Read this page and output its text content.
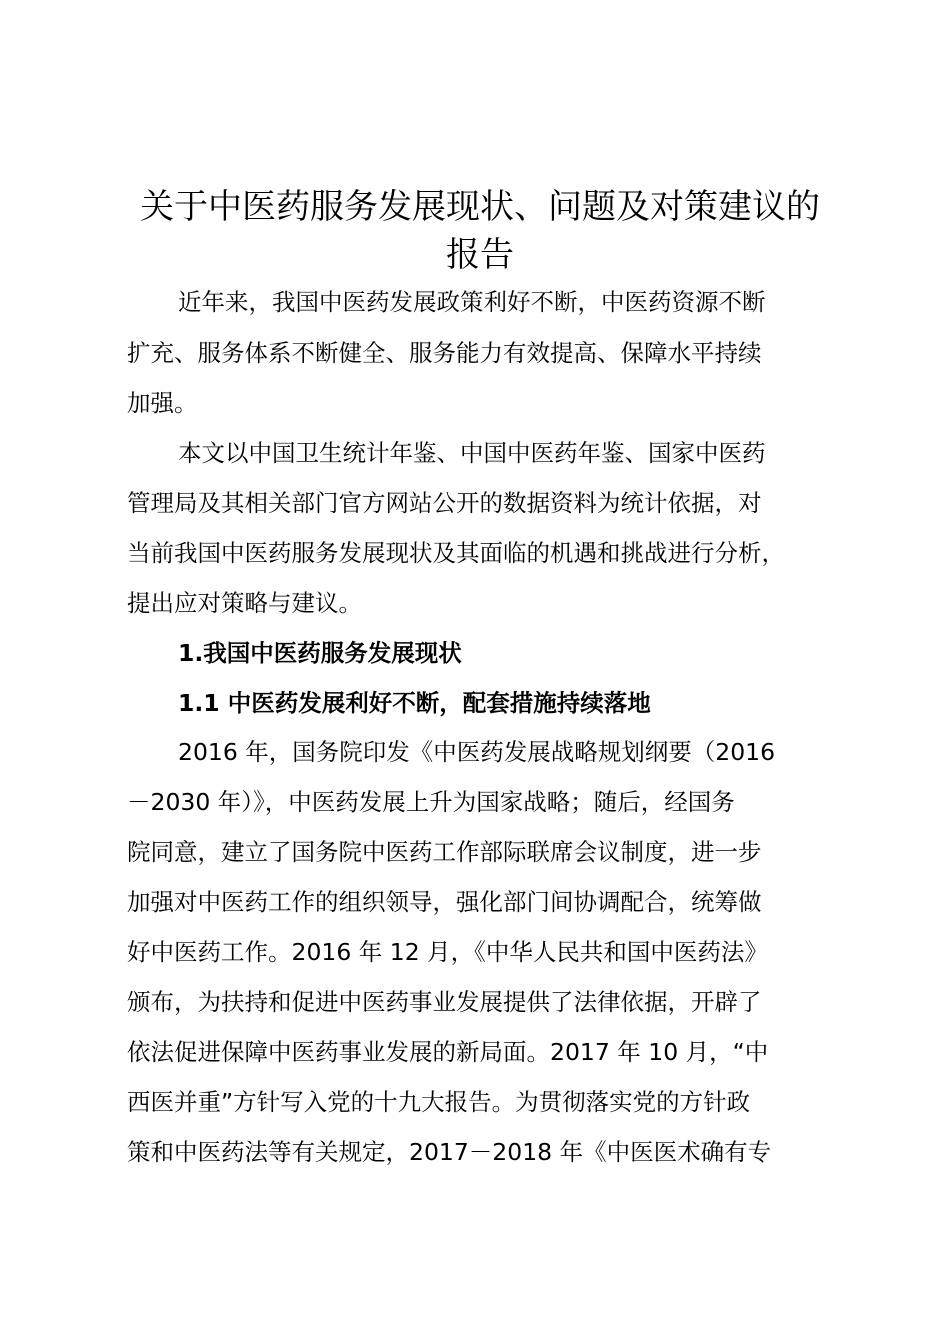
关于中医药服务发展现状、问题及对策建议的
报告

近年来，我国中医药发展政策利好不断，中医药资源不断

扩充、服务体系不断健全、服务能力有效提高、保障水平持续

加强。

本文以中国卫生统计年鉴、中国中医药年鉴、国家中医药

管理局及其相关部门官方网站公开的数据资料为统计依据，对

当前我国中医药服务发展现状及其面临的机遇和挑战进行分析，

提出应对策略与建议。

1.我国中医药服务发展现状

1.1 中医药发展利好不断，配套措施持续落地

2016 年，国务院印发《中医药发展战略规划纲要（2016

－2030 年）》，中医药发展上升为国家战略；随后，经国务

院同意，建立了国务院中医药工作部际联席会议制度，进一步

加强对中医药工作的组织领导，强化部门间协调配合，统筹做

好中医药工作。2016 年 12 月，《中华人民共和国中医药法》

颁布，为扶持和促进中医药事业发展提供了法律依据，开辟了

依法促进保障中医药事业发展的新局面。2017 年 10 月，“中

西医并重”方针写入党的十九大报告。为贯彻落实党的方针政

策和中医药法等有关规定，2017－2018 年《中医医术确有专
